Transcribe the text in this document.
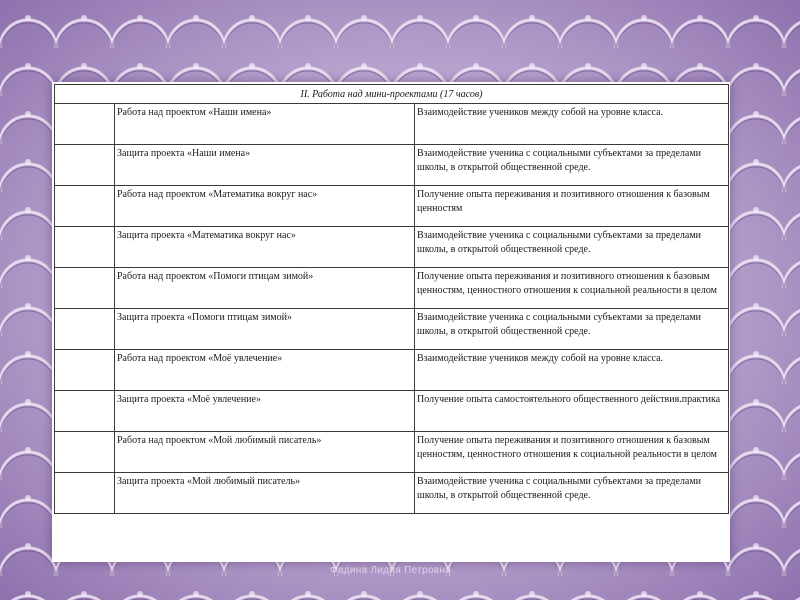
II. Работа над мини-проектами (17 часов)		
	Работа над проектом «Наши имена»	Взаимодействие учеников между собой на уровне класса.
	Защита проекта «Наши имена»	Взаимодействие ученика с социальными субъектами за пределами школы, в открытой общественной среде.
	Работа над проектом «Математика вокруг нас»	Получение опыта переживания и позитивного отношения к базовым ценностям
	Защита проекта «Математика вокруг нас»	Взаимодействие ученика с социальными субъектами за пределами школы, в открытой общественной среде.
	Работа над проектом «Помоги птицам зимой»	Получение опыта переживания и позитивного отношения к базовым ценностям, ценностного отношения к социальной реальности в целом
	Защита проекта «Помоги птицам зимой»	Взаимодействие ученика с социальными субъектами за пределами школы, в открытой общественной среде.
	Работа над проектом «Моё увлечение»	Взаимодействие учеников между собой на уровне класса.
	Защита проекта «Моё увлечение»	Получение опыта самостоятельного общественного действия.практика
	Работа над проектом «Мой любимый писатель»	Получение опыта переживания и позитивного отношения к базовым ценностям, ценностного отношения к социальной реальности в целом
	Защита проекта «Мой любимый писатель»	Взаимодействие ученика с социальными субъектами за пределами школы, в открытой общественной среде.
Фадина Лидия Петровна
